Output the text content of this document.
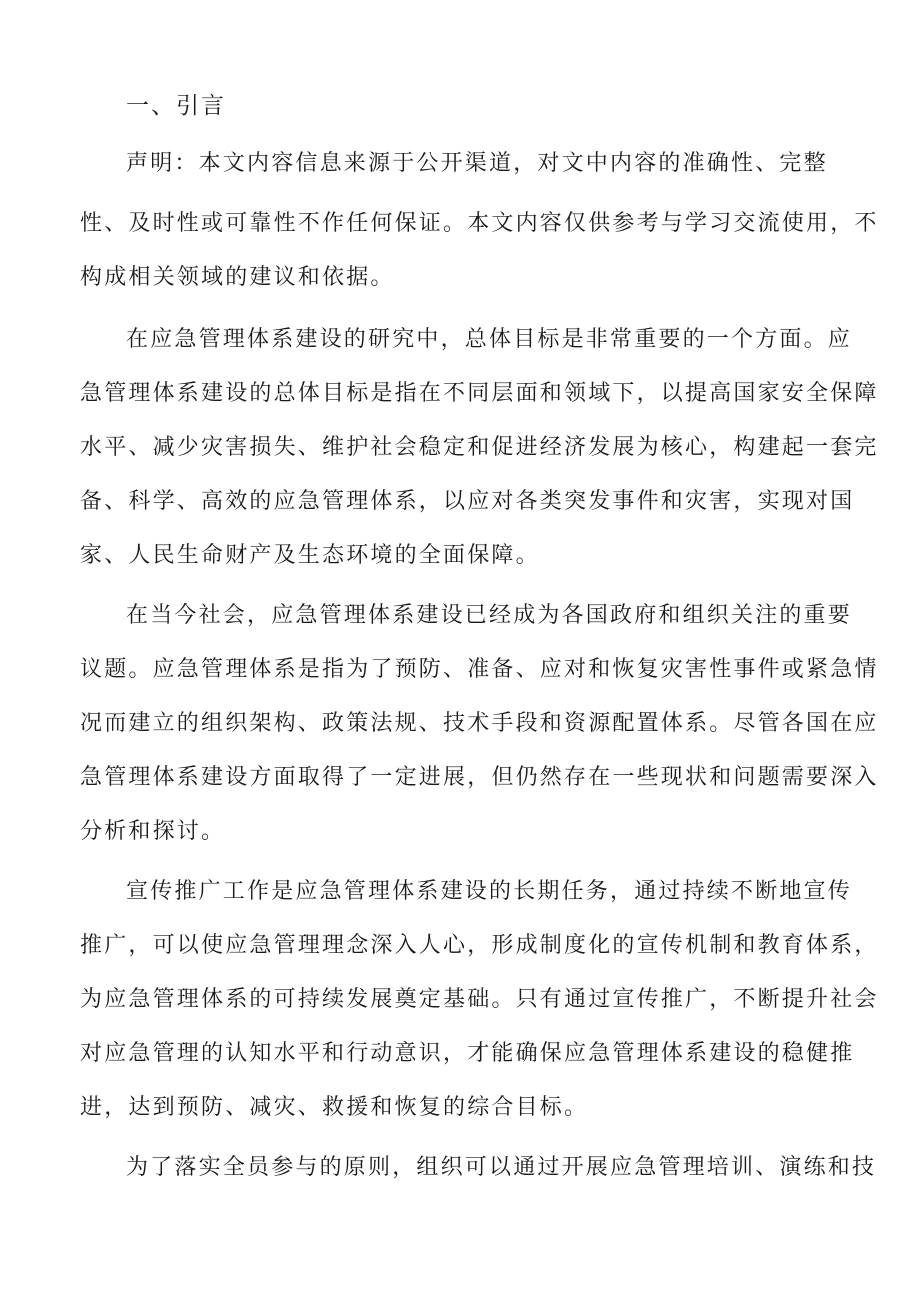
一、引言

声明：本文内容信息来源于公开渠道，对文中内容的准确性、完整

性、及时性或可靠性不作任何保证。本文内容仅供参考与学习交流使用，不

构成相关领域的建议和依据。

在应急管理体系建设的研究中，总体目标是非常重要的一个方面。应

急管理体系建设的总体目标是指在不同层面和领域下，以提高国家安全保障

水平、减少灾害损失、维护社会稳定和促进经济发展为核心，构建起一套完

备、科学、高效的应急管理体系，以应对各类突发事件和灾害，实现对国

家、人民生命财产及生态环境的全面保障。

在当今社会，应急管理体系建设已经成为各国政府和组织关注的重要

议题。应急管理体系是指为了预防、准备、应对和恢复灾害性事件或紧急情

况而建立的组织架构、政策法规、技术手段和资源配置体系。尽管各国在应

急管理体系建设方面取得了一定进展，但仍然存在一些现状和问题需要深入

分析和探讨。

宣传推广工作是应急管理体系建设的长期任务，通过持续不断地宣传

推广，可以使应急管理理念深入人心，形成制度化的宣传机制和教育体系，

为应急管理体系的可持续发展奠定基础。只有通过宣传推广，不断提升社会

对应急管理的认知水平和行动意识，才能确保应急管理体系建设的稳健推

进，达到预防、减灾、救援和恢复的综合目标。

为了落实全员参与的原则，组织可以通过开展应急管理培训、演练和技
